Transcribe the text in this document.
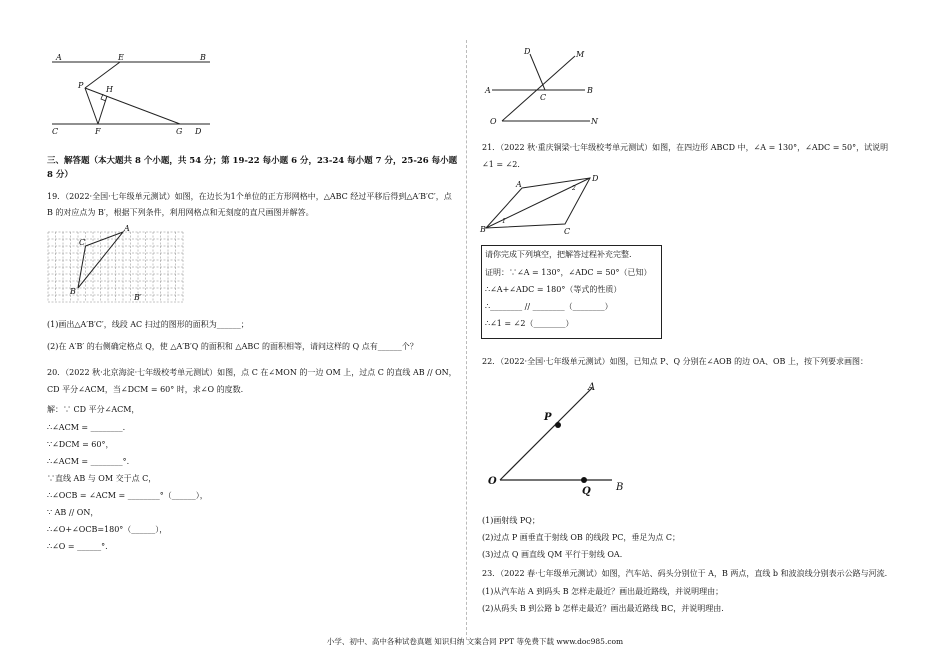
A	E	B
P	H
C	F	G D
三、解答题（本大题共 8 个小题，共 54 分；第 19-22 每小题 6 分，23-24 每小题 7 分，25-26 每小题
8 分）
19．（2022·全国·七年级单元测试）如图，在边长为1个单位的正方形网格中，△ABC 经过平移后得到△A′B′C′，点
B 的对应点为 B′，根据下列条件，利用网格点和无刻度的直尺画图并解答。
A
C
B
B′
(1)画出△A′B′C′，线段 AC 扫过的图形的面积为______；
(2)在 A′B′ 的右侧确定格点 Q，使 △A′B′Q 的面积和 △ABC 的面积相等，请问这样的 Q 点有______个？
20．（2022 秋·北京海淀·七年级校考单元测试）如图，点 C 在∠MON 的一边 OM 上，过点 C 的直线 AB // ON，
CD 平分∠ACM，当∠DCM = 60° 时，求∠O 的度数.
解：∵ CD 平分∠ACM，
∴∠ACM = ________.
∵∠DCM = 60°，
∴∠ACM = ________°.
∵直线 AB 与 OM 交于点 C，
∴∠OCB = ∠ACM = ________°（______），
∵ AB // ON，
∴∠O+∠OCB=180°（______），
∴∠O = ______°.
D	M
A
C
B
O	N
21．（2022 秋·重庆铜梁·七年级校考单元测试）如图，在四边形 ABCD 中，∠A = 130°，∠ADC = 50°，试说明
∠1 = ∠2．
A
D
B	C
1
2
请你完成下列填空，把解答过程补充完整.
证明：∵∠A = 130°，∠ADC = 50°（已知）
∴∠A+∠ADC = 180°（等式的性质）
∴________ // ________（________）
∴∠1 = ∠2（________）
22．（2022·全国·七年级单元测试）如图，已知点 P、Q 分别在∠AOB 的边 OA、OB 上，按下列要求画图：
A
P
O
Q	B
(1)画射线 PQ；
(2)过点 P 画垂直于射线 OB 的线段 PC，垂足为点 C；
(3)过点 Q 画直线 QM 平行于射线 OA．
23．（2022 春·七年级单元测试）如图，汽车站、码头分别位于 A，B 两点，直线 b 和波浪线分别表示公路与河流.
(1)从汽车站 A 到码头 B 怎样走最近？画出最近路线，并说明理由；
(2)从码头 B 到公路 b 怎样走最近？画出最近路线 BC，并说明理由.
小学、初中、高中各种试卷真题 知识归纳 文案合同 PPT 等免费下载 www.doc985.com
